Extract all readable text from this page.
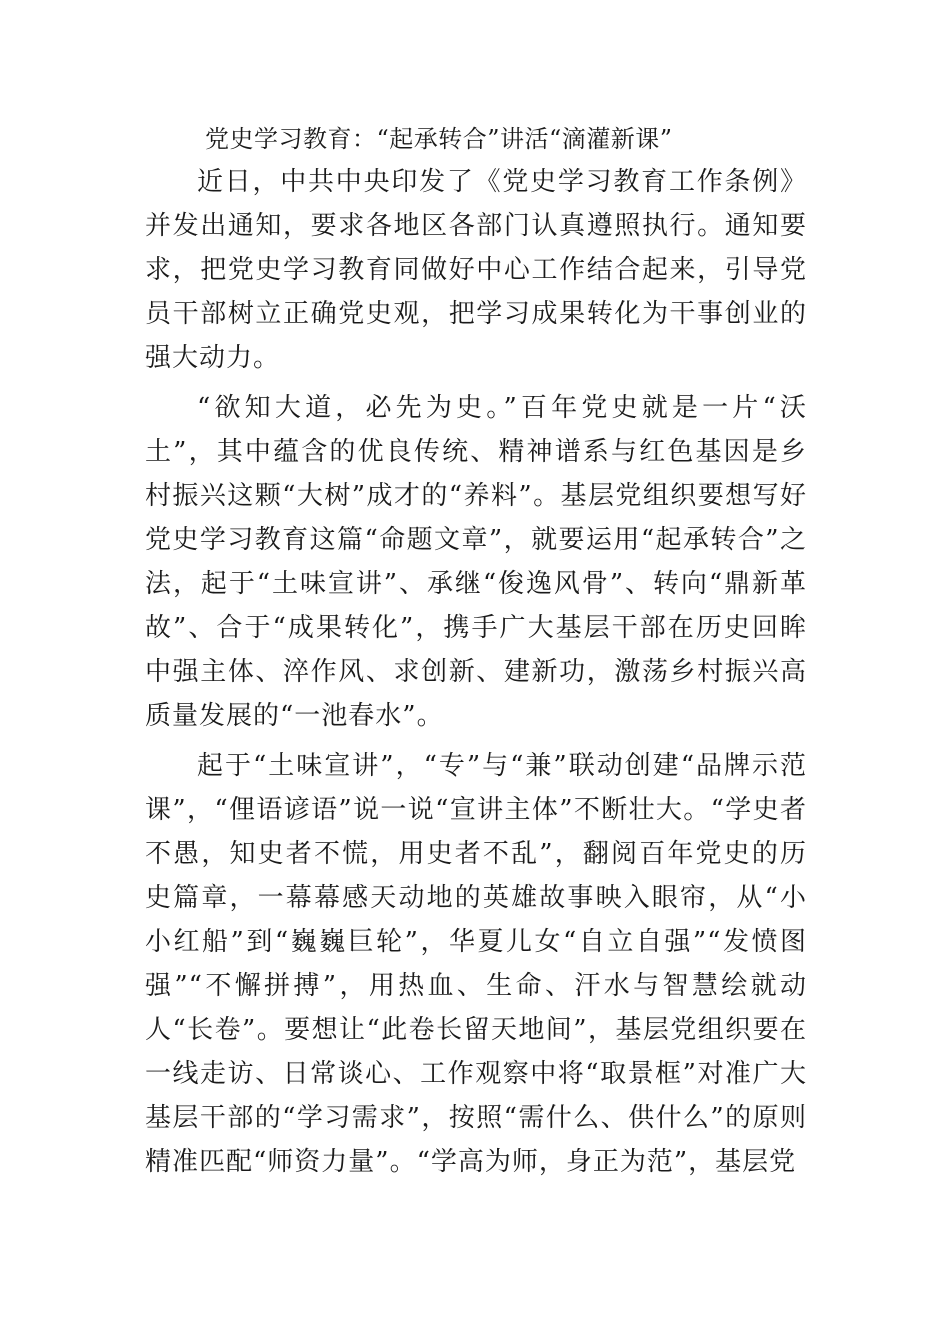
党史学习教育：“起承转合”讲活“滴灌新课”

近日，中共中央印发了《党史学习教育工作条例》并发出通知，要求各地区各部门认真遵照执行。通知要求，把党史学习教育同做好中心工作结合起来，引导党员干部树立正确党史观，把学习成果转化为干事创业的强大动力。

“欲知大道，必先为史。”百年党史就是一片“沃土”，其中蕴含的优良传统、精神谱系与红色基因是乡村振兴这颗“大树”成才的“养料”。基层党组织要想写好党史学习教育这篇“命题文章”，就要运用“起承转合”之法，起于“土味宣讲”、承继“俊逸风骨”、转向“鼎新革故”、合于“成果转化”，携手广大基层干部在历史回眸中强主体、淬作风、求创新、建新功，激荡乡村振兴高质量发展的“一池春水”。

起于“土味宣讲”，“专”与“兼”联动创建“品牌示范课”，“俚语谚语”说一说“宣讲主体”不断壮大。“学史者不愚，知史者不慌，用史者不乱”，翻阅百年党史的历史篇章，一幕幕感天动地的英雄故事映入眼帘，从“小小红船”到“巍巍巨轮”，华夏儿女“自立自强”“发愤图强”“不懈拼搏”，用热血、生命、汗水与智慧绘就动人“长卷”。要想让“此卷长留天地间”，基层党组织要在一线走访、日常谈心、工作观察中将“取景框”对准广大基层干部的“学习需求”，按照“需什么、供什么”的原则精准匹配“师资力量”。“学高为师，身正为范”，基层党
